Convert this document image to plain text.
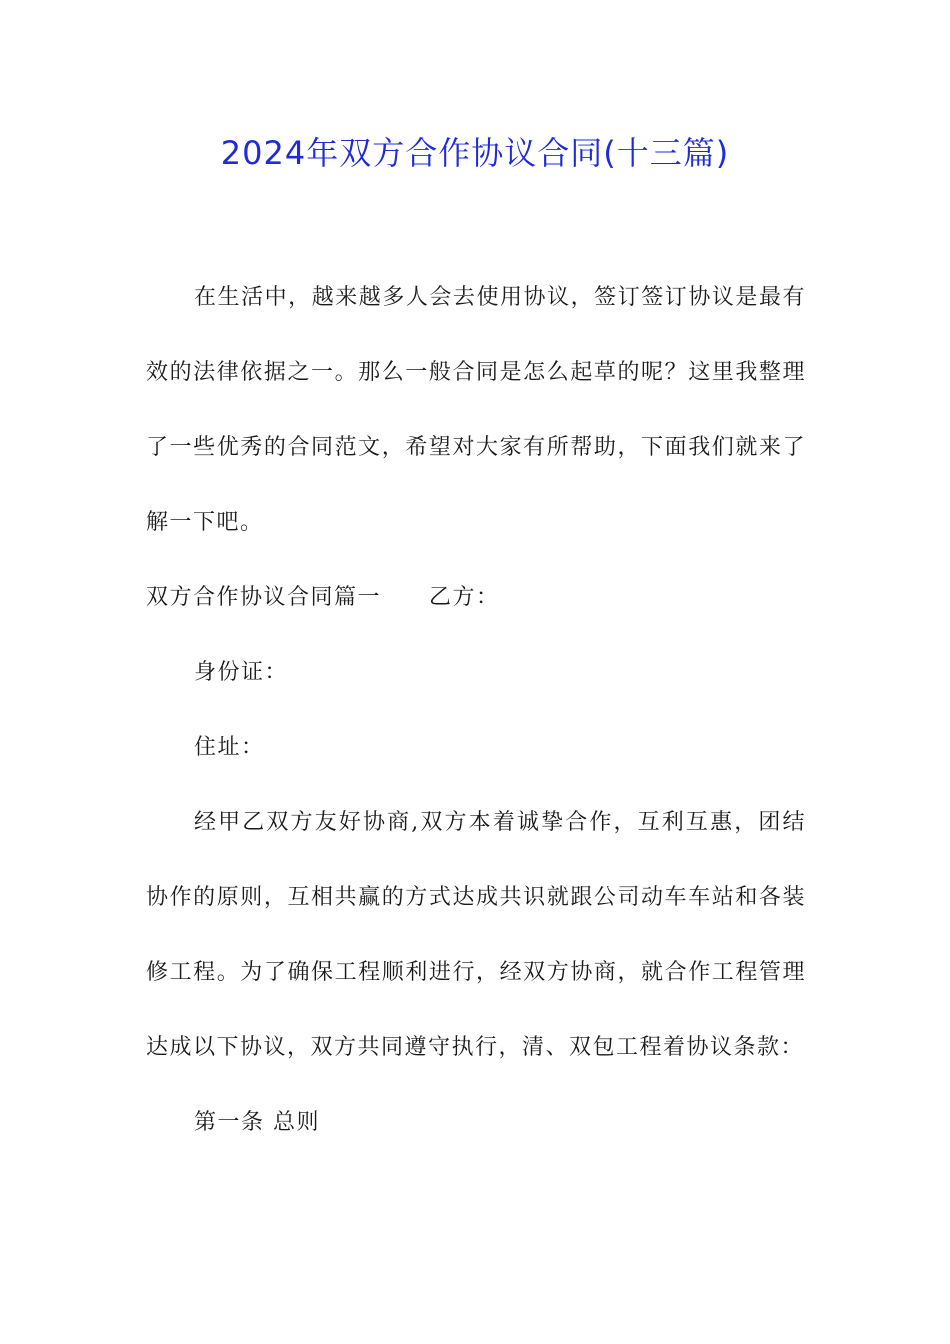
2024年双方合作协议合同(十三篇)

在生活中，越来越多人会去使用协议，签订签订协议是最有效的法律依据之一。那么一般合同是怎么起草的呢？这里我整理了一些优秀的合同范文，希望对大家有所帮助，下面我们就来了解一下吧。

双方合作协议合同篇一 乙方：

身份证：

住址：

经甲乙双方友好协商,双方本着诚挚合作，互利互惠，团结协作的原则，互相共赢的方式达成共识就跟公司动车车站和各装修工程。为了确保工程顺利进行，经双方协商，就合作工程管理达成以下协议，双方共同遵守执行，清、双包工程着协议条款：

第一条 总则
